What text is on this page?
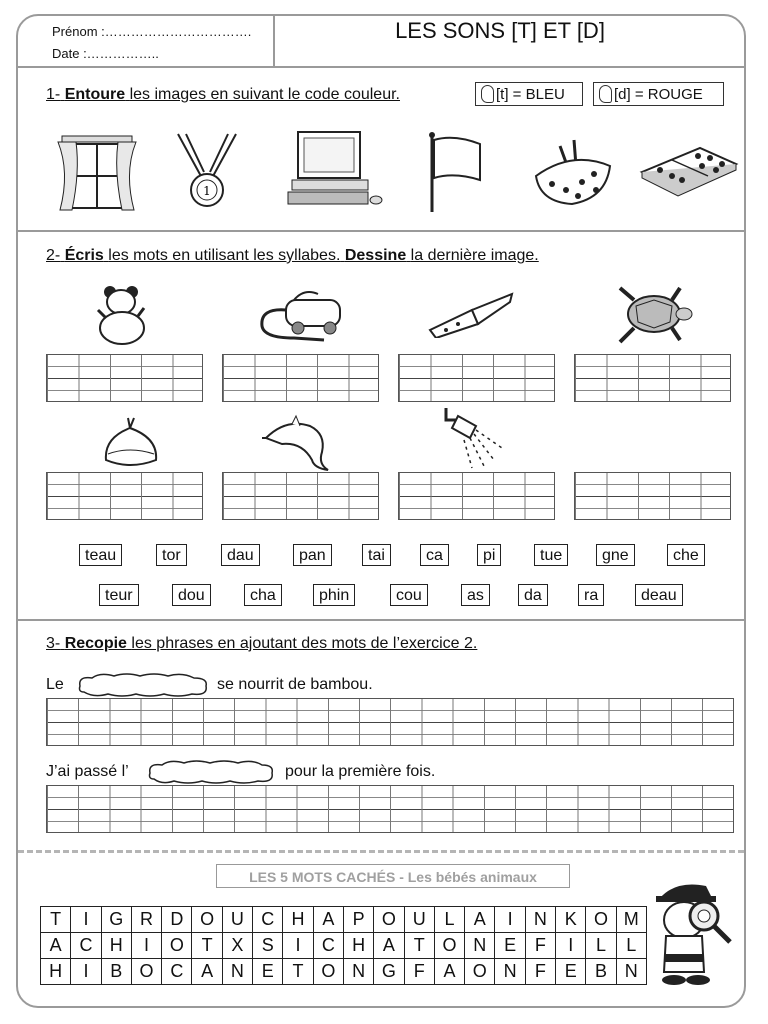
Prénom :…………………………….
Date :……………..
LES SONS [T] ET [D]
1- Entoure les images en suivant le code couleur.	[t] = BLEU	[d] = ROUGE
1
2- Écris les mots en utilisant les syllabes. Dessine la dernière image.
teau	tor	dau	pan	tai	ca	pi	tue	gne	che
teur	dou	cha	phin	cou	as	da	ra	deau
3- Recopie les phrases en ajoutant des mots de l’exercice 2.
Le	se nourrit de bambou.
J’ai passé l’	pour la première fois.
LES 5 MOTS CACHÉS - Les bébés animaux
T	I	G	R	D	O	U	C	H	A	P	O	U	L	A	I	N	K	O	M
A	C	H	I	O	T	X	S	I	C	H	A	T	O	N	E	F	I	L	L
H	I	B	O	C	A	N	E	T	O	N	G	F	A	O	N	F	E	B	N
